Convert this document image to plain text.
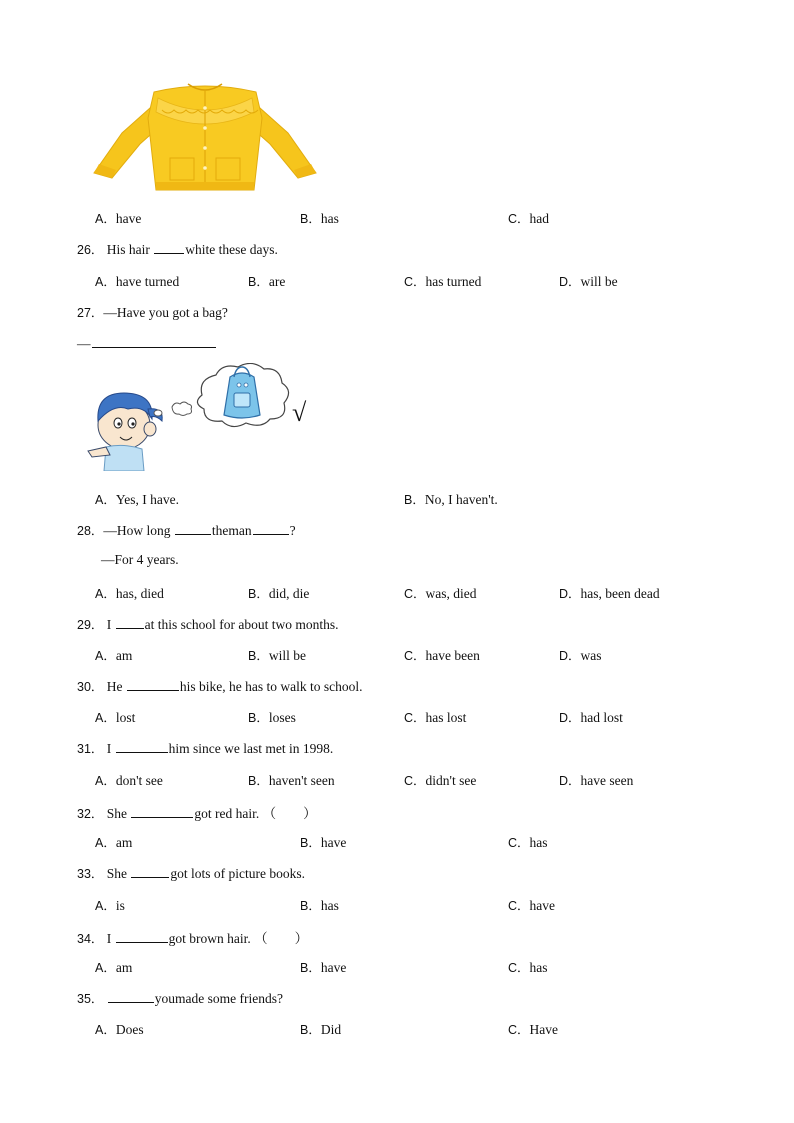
A．have	B．has	C．had
26． His hair	white these days.
A．have turned	B．are	C．has turned	D．will be
27．—Have you got a bag?
—
√
A．Yes, I have.	B．No, I haven't.
28．—How long	theman	?
—For 4 years.
A．has, died	B．did, die	C．was, died	D．has, been dead
29． I at this school for about two months.
A．am	B．will be	C．have been	D．was
30． He	his bike, he has to walk to school.
A．lost	B．loses	C．has lost	D．had lost
31． I	him since we last met in 1998.
A．don't see	B．haven't seen	C．didn't see	D．have seen
32． She	got red hair. （　　）
A．am	B．have	C．has
33． She	got lots of picture books.
A．is	B．has	C．have
34． I	got brown hair. （　　）
A．am	B．have	C．has
35．	youmade some friends?
A．Does	B．Did	C．Have
